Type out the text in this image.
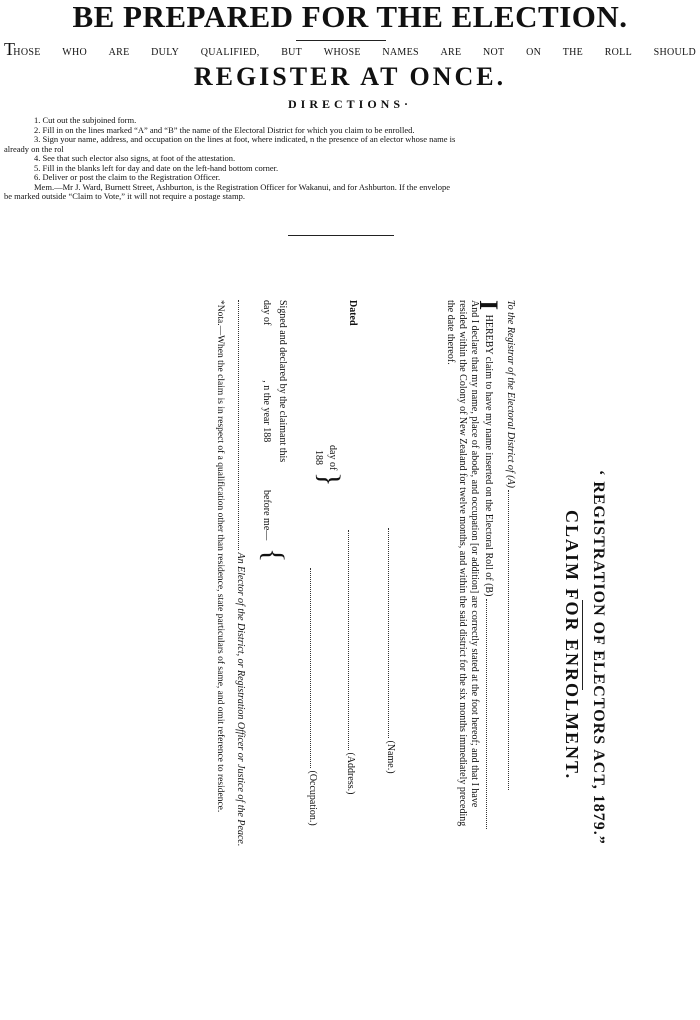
BE PREPARED FOR THE ELECTION.
THOSE WHO ARE DULY QUALIFIED, BUT WHOSE NAMES ARE NOT ON THE ROLL SHOULD
REGISTER AT ONCE.
DIRECTIONS·
1. Cut out the subjoined form.
2. Fill in on the lines marked “A” and “B” the name of the Electoral District for which you claim to be enrolled.
3. Sign your name, address, and occupation on the lines at foot, where indicated, n the presence of an elector whose name is
already on the rol
4. See that such elector also signs, at foot of the attestation.
5. Fill in the blanks left for day and date on the left-hand bottom corner.
6. Deliver or post the claim to the Registration Officer.
Mem.—Mr J. Ward, Burnett Street, Ashburton, is the Registration Officer for Wakanui, and for Ashburton. If the envelope
be marked outside “Claim to Vote,” it will not require a postage stamp.
‘ REGISTRATION OF ELECTORS ACT, 1879.”
CLAIM FOR ENROLMENT.
To the Registrar of the Electoral District of (A)
I HEREBY claim to have my name inserted on the Electoral Roll of (B)
And I declare that my name, place of abode, and occupation [or addition] are correctly stated at the foot hereof; and that I have
resided within the Colony of New Zealand for twelve months, and within the said district for the six months immediately preceding
the date thereof.
(Name.)
Dated
(Address.)
day of
188
}
(Occupation.)
Signed and declared by the claimant this
day of  , n the year 188
before me—
{
An Elector of the District, or Registration Officer or Justice of the Peace.
*Nota.—When the claim is in respect of a qualification other than residence, state particulars of same, and omit reference to residence.
